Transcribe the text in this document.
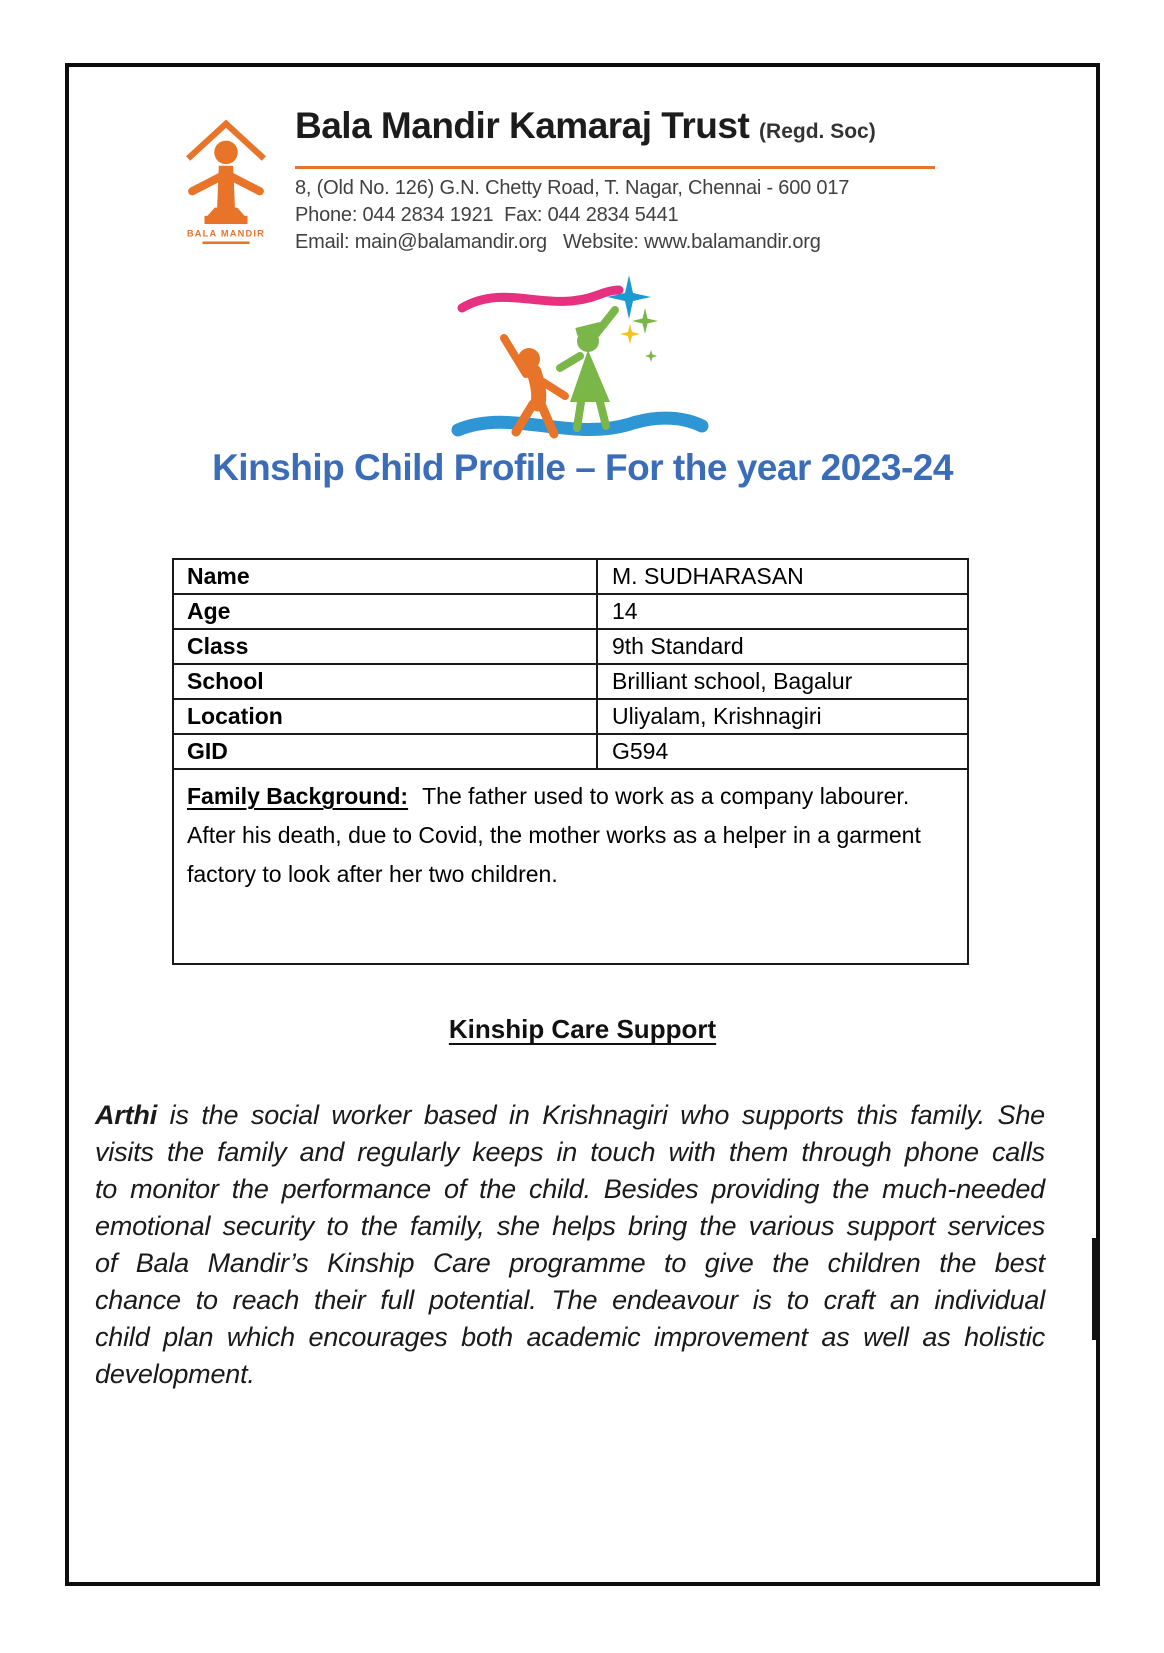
BALA MANDIR
Bala Mandir Kamaraj Trust (Regd. Soc)
8, (Old No. 126) G.N. Chetty Road, T. Nagar, Chennai - 600 017
Phone: 044 2834 1921  Fax: 044 2834 5441
Email: main@balamandir.org   Website: www.balamandir.org
Kinship Child Profile – For the year 2023-24
Name	M. SUDHARASAN
Age	14
Class	9th Standard
School	Brilliant school, Bagalur
Location	Uliyalam, Krishnagiri
GID	G594
Family Background: The father used to work as a company labourer. After his death, due to Covid, the mother works as a helper in a garment factory to look after her two children.	
Kinship Care Support

Arthi is the social worker based in Krishnagiri who supports this family. She visits the family and regularly keeps in touch with them through phone calls to monitor the performance of the child. Besides providing the much-needed emotional security to the family, she helps bring the various support services of Bala Mandir’s Kinship Care programme to give the children the best chance to reach their full potential. The endeavour is to craft an individual child plan which encourages both academic improvement as well as holistic development.
